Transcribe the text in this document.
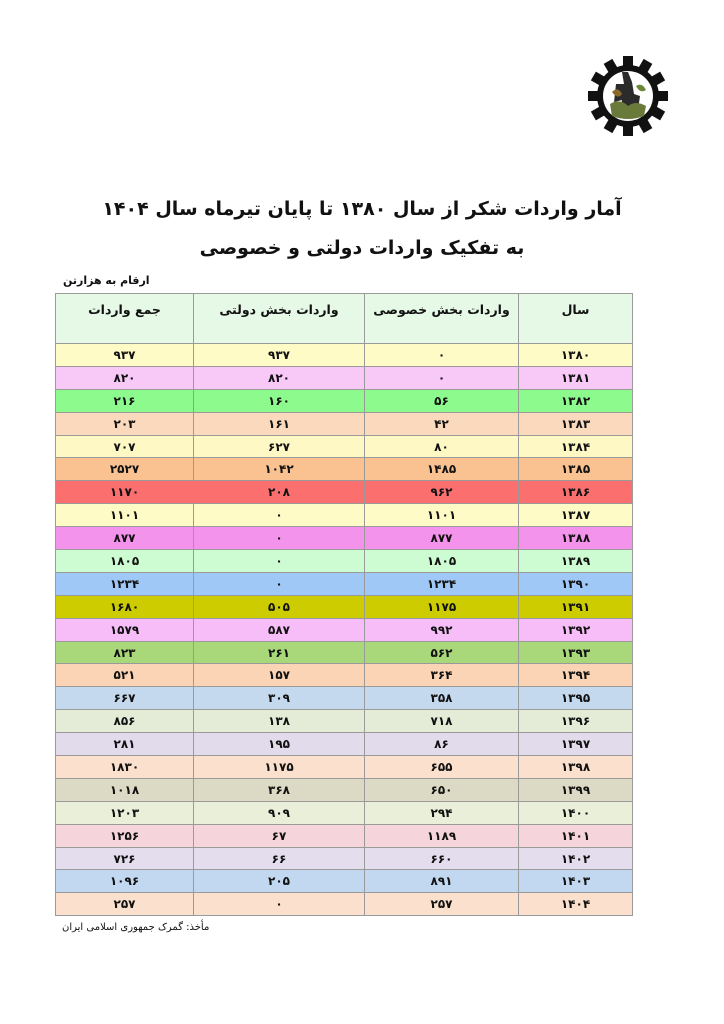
آمار واردات شکر از سال ۱۳۸۰ تا پایان تیرماه سال ۱۴۰۴
به تفکیک واردات دولتی و خصوصی
ارقام به هزارتن
سال	واردات بخش خصوصی	واردات بخش دولتی	جمع واردات
۱۳۸۰	۰	۹۳۷	۹۳۷
۱۳۸۱	۰	۸۲۰	۸۲۰
۱۳۸۲	۵۶	۱۶۰	۲۱۶
۱۳۸۳	۴۲	۱۶۱	۲۰۳
۱۳۸۴	۸۰	۶۲۷	۷۰۷
۱۳۸۵	۱۴۸۵	۱۰۴۲	۲۵۲۷
۱۳۸۶	۹۶۲	۲۰۸	۱۱۷۰
۱۳۸۷	۱۱۰۱	۰	۱۱۰۱
۱۳۸۸	۸۷۷	۰	۸۷۷
۱۳۸۹	۱۸۰۵	۰	۱۸۰۵
۱۳۹۰	۱۲۳۴	۰	۱۲۳۴
۱۳۹۱	۱۱۷۵	۵۰۵	۱۶۸۰
۱۳۹۲	۹۹۲	۵۸۷	۱۵۷۹
۱۳۹۳	۵۶۲	۲۶۱	۸۲۳
۱۳۹۴	۳۶۴	۱۵۷	۵۲۱
۱۳۹۵	۳۵۸	۳۰۹	۶۶۷
۱۳۹۶	۷۱۸	۱۳۸	۸۵۶
۱۳۹۷	۸۶	۱۹۵	۲۸۱
۱۳۹۸	۶۵۵	۱۱۷۵	۱۸۳۰
۱۳۹۹	۶۵۰	۳۶۸	۱۰۱۸
۱۴۰۰	۲۹۴	۹۰۹	۱۲۰۳
۱۴۰۱	۱۱۸۹	۶۷	۱۲۵۶
۱۴۰۲	۶۶۰	۶۶	۷۲۶
۱۴۰۳	۸۹۱	۲۰۵	۱۰۹۶
۱۴۰۴	۲۵۷	۰	۲۵۷
مأخذ: گمرک جمهوری اسلامی ایران
